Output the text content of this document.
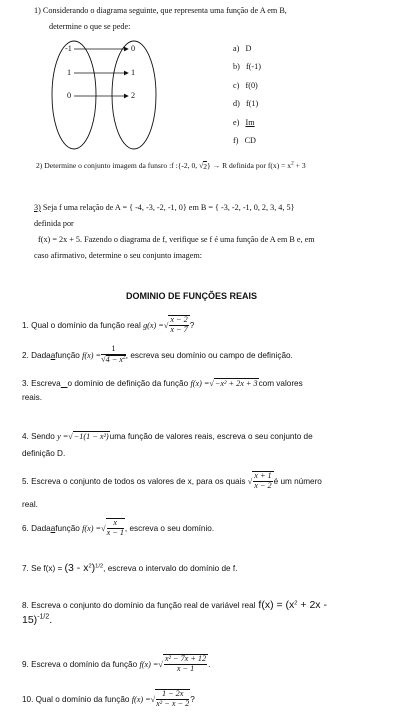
1) Considerando o diagrama seguinte, que representa uma função de A em B,
determine o que se pede:
-1
1
0
0
1
2
a) D
b) f(-1)
c) f(0)
d) f(1)
e) Im
f) CD
2) Determine o conjunto imagem da funsro :f :{-2, 0, √2} → R definida por $f(x) = x^2 + 3$
3) Seja f uma relação de A = { -4, -3, -2, -1, 0} em B = { -3, -2, -1, 0, 2, 3, 4, 5}
definida por
f(x) = 2x + 5. Fazendo o diagrama de f, verifique se f é uma função de A em B e, em
caso afirmativo, determine o seu conjunto imagem:
DOMINIO DE FUNÇÕES REAIS
1. Qual o domínio da função real
g(x) = √ $\frac{x - 2}{x - 7}$ ?
2. Dada a função
$f(x) = \frac{1}{√4 - x^2}$ , escreva seu domínio ou campo de definição.
3. Escreva
o domínio de definição da função
f(x) = √ −x² + 2x + 3 com valores
reais.
4. Sendo
y = √ −1(1 − x²) uma função de valores reais, escreva o seu conjunto de
definição D.
5. Escreva o conjunto de todos os valores de x, para os quais
√ $\frac{x + 1}{x - 2}$ é um número
real.
6. Dada a função
f(x) = √ $\frac{x}{x - 1}$ , escreva o seu domínio.
7. Se $f(x) = (3 - x^2)^{1/2}$, escreva o intervalo do domínio de f.
8. Escreva o conjunto do domínio da função real de variável real $f(x) = (x^2 + 2x$ -
15)$^{-1/2}$.
9. Escreva o domínio da função
f(x) = √ $\frac{\text{x² − 7x + 12}}{x - 1}$ .
10. Qual o domínio da função
f(x) = √ $\frac{1 - 2x}{\text{x² − x − 2}}$ ?
